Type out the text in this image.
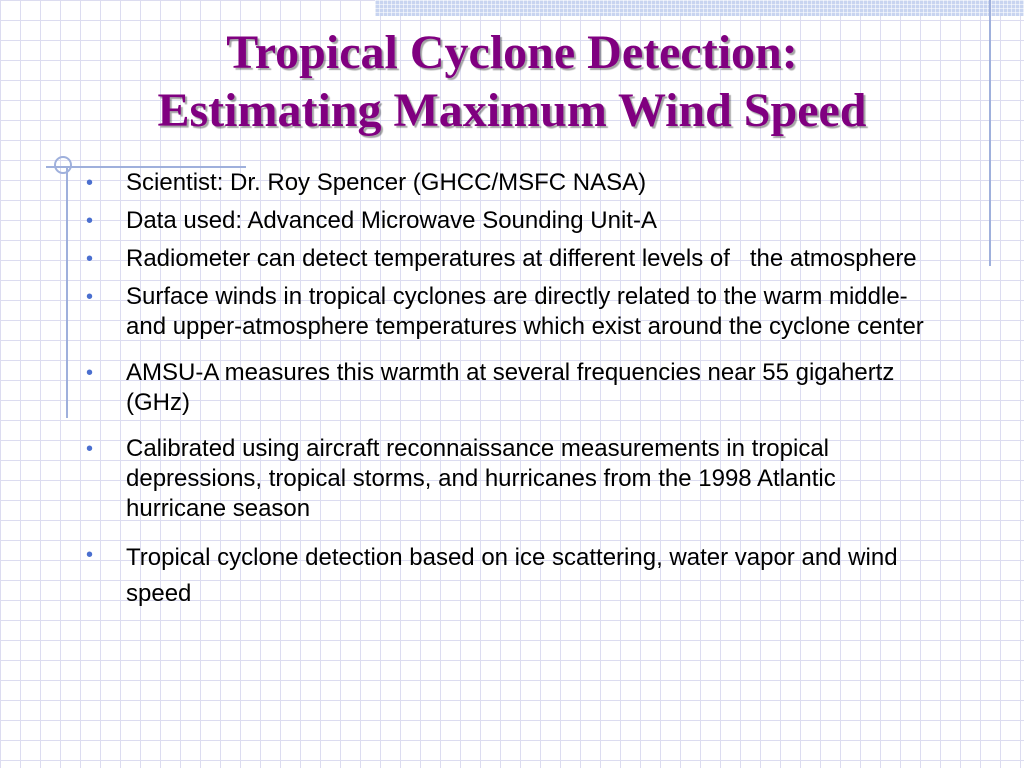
Tropical Cyclone Detection:
Estimating Maximum Wind Speed
• Scientist: Dr. Roy Spencer (GHCC/MSFC NASA)
• Data used: Advanced Microwave Sounding Unit-A
• Radiometer can detect temperatures at different levels of   the atmosphere
• Surface winds in tropical cyclones are directly related to the warm middle- and upper-atmosphere temperatures which exist around the cyclone center
• AMSU-A measures this warmth at several frequencies near 55 gigahertz (GHz)
• Calibrated using aircraft reconnaissance measurements in tropical depressions, tropical storms, and hurricanes from the 1998 Atlantic hurricane season
• Tropical cyclone detection based on ice scattering, water vapor and wind speed
